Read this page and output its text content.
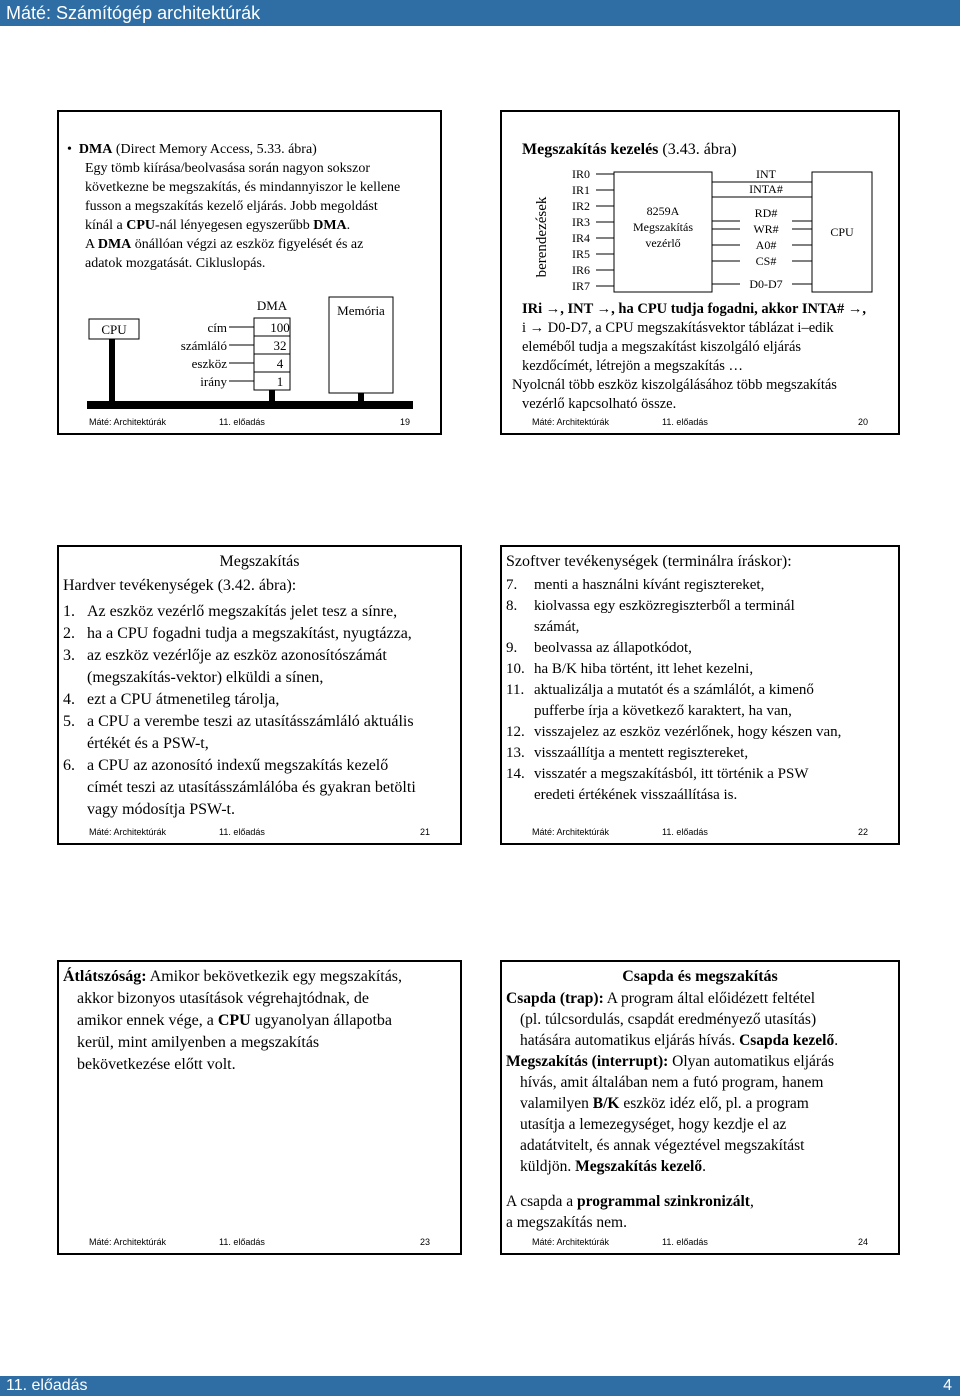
Máté: Számítógép architektúrák
•  DMA (Direct Memory Access, 5.33. ábra)
Egy tömb kiírása/beolvasása során nagyon sokszor
következne be megszakítás, és mindannyiszor le kellene
fusson a megszakítás kezelő eljárás. Jobb megoldást
kínál a CPU-nál lényegesen egyszerűbb DMA.
A DMA önállóan végzi az eszköz figyelését és az
adatok mozgatását. Cikluslopás.
CPU
DMA
100
32
4
1
cím
számláló
eszköz
irány
Memória
Máté: Architektúrák	11. előadás	19
Megszakítás kezelés (3.43. ábra)
berendezések	8259A
Megszakítás
vezérlő
IR0
IR1
IR2
IR3
IR4
IR5
IR6
IR7
CPU
INT
INTA#
RD#
WR#
A0#
CS#
D0-D7
IRi →, INT →, ha CPU tudja fogadni, akkor INTA# →,
i → D0-D7, a CPU megszakításvektor táblázat i–edik
eleméből tudja a megszakítást kiszolgáló eljárás
kezdőcímét, létrejön a megszakítás …
Nyolcnál több eszköz kiszolgálásához több megszakítás
vezérlő kapcsolható össze.
Máté: Architektúrák	11. előadás	20
Megszakítás
Hardver tevékenységek (3.42. ábra):
1. Az eszköz vezérlő megszakítás jelet tesz a sínre,
2. ha a CPU fogadni tudja a megszakítást, nyugtázza,
3. az eszköz vezérlője az eszköz azonosítószámát
(megszakítás-vektor) elküldi a sínen,
4. ezt a CPU átmenetileg tárolja,
5. a CPU a verembe teszi az utasításszámláló aktuális
értékét és a PSW-t,
6. a CPU az azonosító indexű megszakítás kezelő
címét teszi az utasításszámlálóba és gyakran betölti
vagy módosítja PSW-t.
Máté: Architektúrák	11. előadás	21
Szoftver tevékenységek (terminálra íráskor):
7. menti a használni kívánt regisztereket,
8. kiolvassa egy eszközregiszterből a terminál
számát,
9. beolvassa az állapotkódot,
10. ha B/K hiba történt, itt lehet kezelni,
11. aktualizálja a mutatót és a számlálót, a kimenő
pufferbe írja a következő karaktert, ha van,
12. visszajelez az eszköz vezérlőnek, hogy készen van,
13. visszaállítja a mentett regisztereket,
14. visszatér a megszakításból, itt történik a PSW
eredeti értékének visszaállítása is.
Máté: Architektúrák	11. előadás	22
Átlátszóság: Amikor bekövetkezik egy megszakítás,
akkor bizonyos utasítások végrehajtódnak, de
amikor ennek vége, a CPU ugyanolyan állapotba
kerül, mint amilyenben a megszakítás
bekövetkezése előtt volt.
Máté: Architektúrák	11. előadás	23
Csapda és megszakítás
Csapda (trap): A program által előidézett feltétel
(pl. túlcsordulás, csapdát eredményező utasítás)
hatására automatikus eljárás hívás. Csapda kezelő.
Megszakítás (interrupt): Olyan automatikus eljárás
hívás, amit általában nem a futó program, hanem
valamilyen B/K eszköz idéz elő, pl. a program
utasítja a lemezegységet, hogy kezdje el az
adatátvitelt, és annak végeztével megszakítást
küldjön. Megszakítás kezelő.
A csapda a programmal szinkronizált,
a megszakítás nem.
Máté: Architektúrák	11. előadás	24
11. előadás	4
